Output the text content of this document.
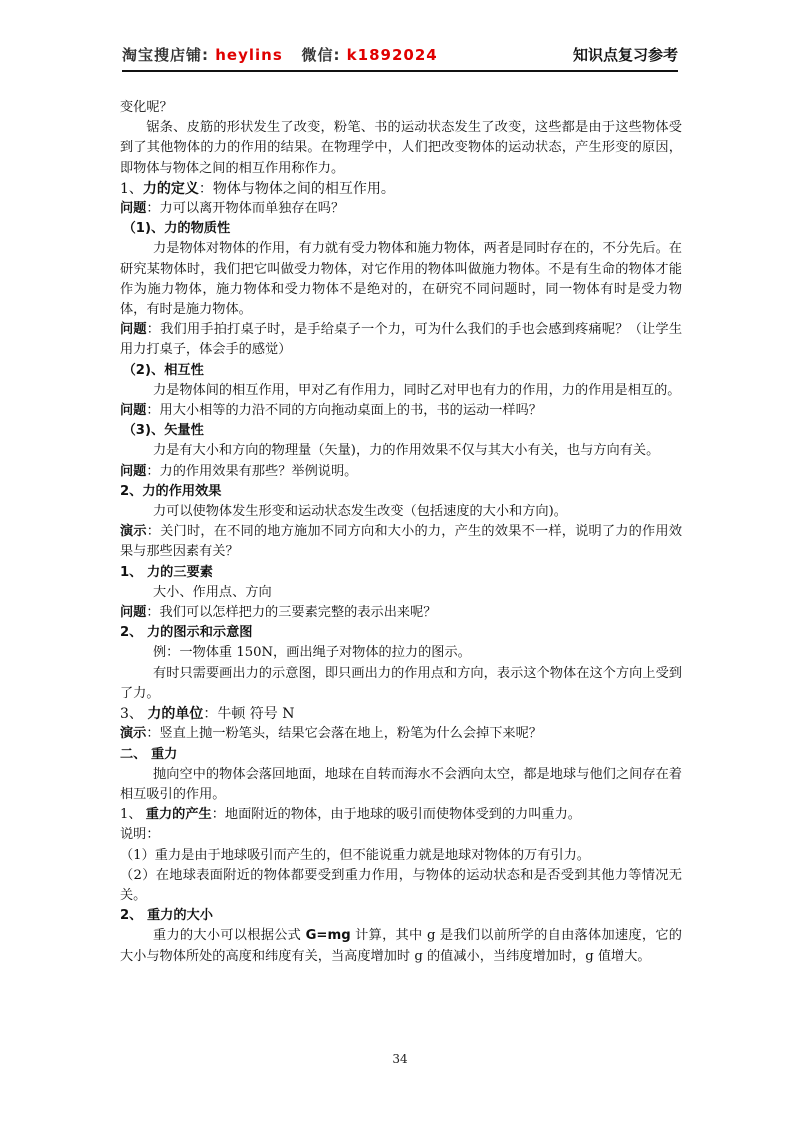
淘宝搜店铺: heylins 微信: k1892024	知识点复习参考

变化呢？

锯条、皮筋的形状发生了改变，粉笔、书的运动状态发生了改变，这些都是由于这些物体受到了其他物体的力的作用的结果。在物理学中，人们把改变物体的运动状态，产生形变的原因，即物体与物体之间的相互作用称作力。

1、力的定义：物体与物体之间的相互作用。

问题：力可以离开物体而单独存在吗？

（1)、力的物质性

力是物体对物体的作用，有力就有受力物体和施力物体，两者是同时存在的，不分先后。在研究某物体时，我们把它叫做受力物体，对它作用的物体叫做施力物体。不是有生命的物体才能作为施力物体，施力物体和受力物体不是绝对的，在研究不同问题时，同一物体有时是受力物体，有时是施力物体。

问题：我们用手拍打桌子时，是手给桌子一个力，可为什么我们的手也会感到疼痛呢？（让学生用力打桌子，体会手的感觉）

（2)、相互性

力是物体间的相互作用，甲对乙有作用力，同时乙对甲也有力的作用，力的作用是相互的。

问题：用大小相等的力沿不同的方向拖动桌面上的书，书的运动一样吗？

（3)、矢量性

力是有大小和方向的物理量（矢量)，力的作用效果不仅与其大小有关，也与方向有关。

问题：力的作用效果有那些？举例说明。

2、力的作用效果

力可以使物体发生形变和运动状态发生改变（包括速度的大小和方向)。

演示：关门时，在不同的地方施加不同方向和大小的力，产生的效果不一样，说明了力的作用效果与那些因素有关？

1、 力的三要素

大小、作用点、方向

问题：我们可以怎样把力的三要素完整的表示出来呢？

2、 力的图示和示意图

例：一物体重 150N，画出绳子对物体的拉力的图示。

有时只需要画出力的示意图，即只画出力的作用点和方向，表示这个物体在这个方向上受到了力。

3、 力的单位：牛顿 符号 N

演示：竖直上抛一粉笔头，结果它会落在地上，粉笔为什么会掉下来呢？

二、 重力

抛向空中的物体会落回地面，地球在自转而海水不会洒向太空，都是地球与他们之间存在着相互吸引的作用。

1、 重力的产生：地面附近的物体，由于地球的吸引而使物体受到的力叫重力。

说明：

（1）重力是由于地球吸引而产生的，但不能说重力就是地球对物体的万有引力。

（2）在地球表面附近的物体都要受到重力作用，与物体的运动状态和是否受到其他力等情况无关。

2、 重力的大小

重力的大小可以根据公式 G=mg 计算，其中 g 是我们以前所学的自由落体加速度，它的大小与物体所处的高度和纬度有关，当高度增加时 g 的值减小，当纬度增加时，g 值增大。

34
